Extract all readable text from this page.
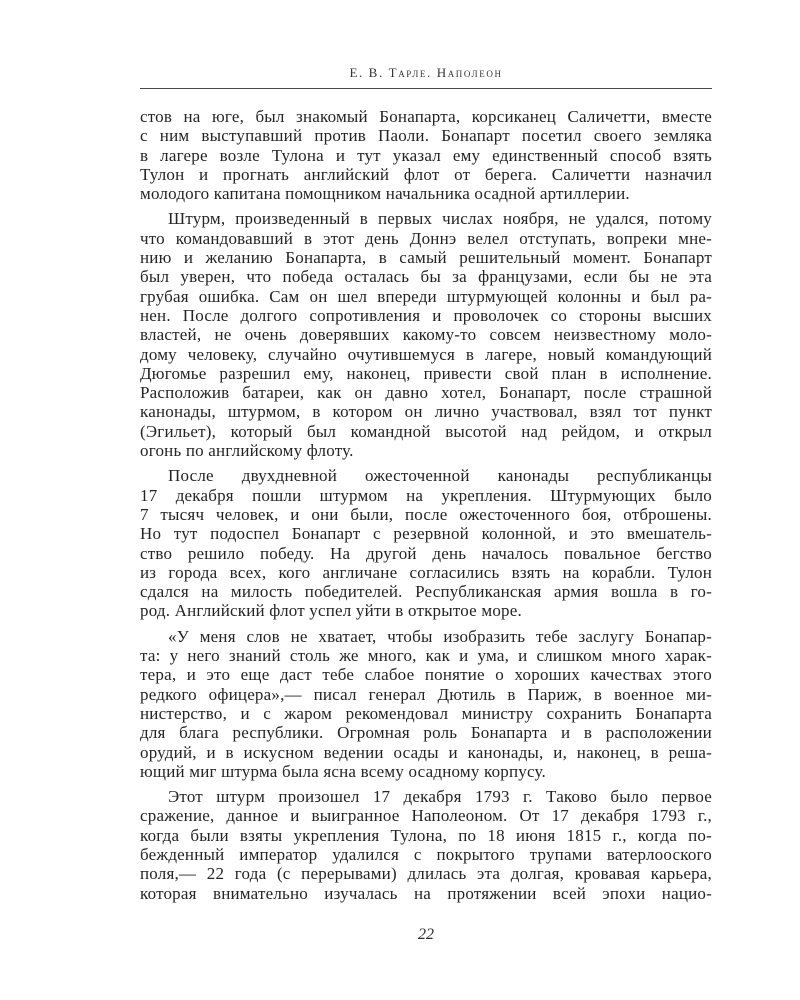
Е. В. Тарле. Наполеон
стов на юге, был знакомый Бонапарта, корсиканец Саличетти, вместе
с ним выступавший против Паоли. Бонапарт посетил своего земляка
в лагере возле Тулона и тут указал ему единственный способ взять
Тулон и прогнать английский флот от берега. Саличетти назначил
молодого капитана помощником начальника осадной артиллерии.
Штурм, произведенный в первых числах ноября, не удался, потому
что командовавший в этот день Доннэ велел отступать, вопреки мне-
нию и желанию Бонапарта, в самый решительный момент. Бонапарт
был уверен, что победа осталась бы за французами, если бы не эта
грубая ошибка. Сам он шел впереди штурмующей колонны и был ра-
нен. После долгого сопротивления и проволочек со стороны высших
властей, не очень доверявших какому-то совсем неизвестному моло-
дому человеку, случайно очутившемуся в лагере, новый командующий
Дюгомье разрешил ему, наконец, привести свой план в исполнение.
Расположив батареи, как он давно хотел, Бонапарт, после страшной
канонады, штурмом, в котором он лично участвовал, взял тот пункт
(Эгильет), который был командной высотой над рейдом, и открыл
огонь по английскому флоту.
После двухдневной ожесточенной канонады республиканцы
17 декабря пошли штурмом на укрепления. Штурмующих было
7 тысяч человек, и они были, после ожесточенного боя, отброшены.
Но тут подоспел Бонапарт с резервной колонной, и это вмешатель-
ство решило победу. На другой день началось повальное бегство
из города всех, кого англичане согласились взять на корабли. Тулон
сдался на милость победителей. Республиканская армия вошла в го-
род. Английский флот успел уйти в открытое море.
«У меня слов не хватает, чтобы изобразить тебе заслугу Бонапар-
та: у него знаний столь же много, как и ума, и слишком много харак-
тера, и это еще даст тебе слабое понятие о хороших качествах этого
редкого офицера»,— писал генерал Дютиль в Париж, в военное ми-
нистерство, и с жаром рекомендовал министру сохранить Бонапарта
для блага республики. Огромная роль Бонапарта и в расположении
орудий, и в искусном ведении осады и канонады, и, наконец, в реша-
ющий миг штурма была ясна всему осадному корпусу.
Этот штурм произошел 17 декабря 1793 г. Таково было первое
сражение, данное и выигранное Наполеоном. От 17 декабря 1793 г.,
когда были взяты укрепления Тулона, по 18 июня 1815 г., когда по-
бежденный император удалился с покрытого трупами ватерлооского
поля,— 22 года (с перерывами) длилась эта долгая, кровавая карьера,
которая внимательно изучалась на протяжении всей эпохи нацио-
22
